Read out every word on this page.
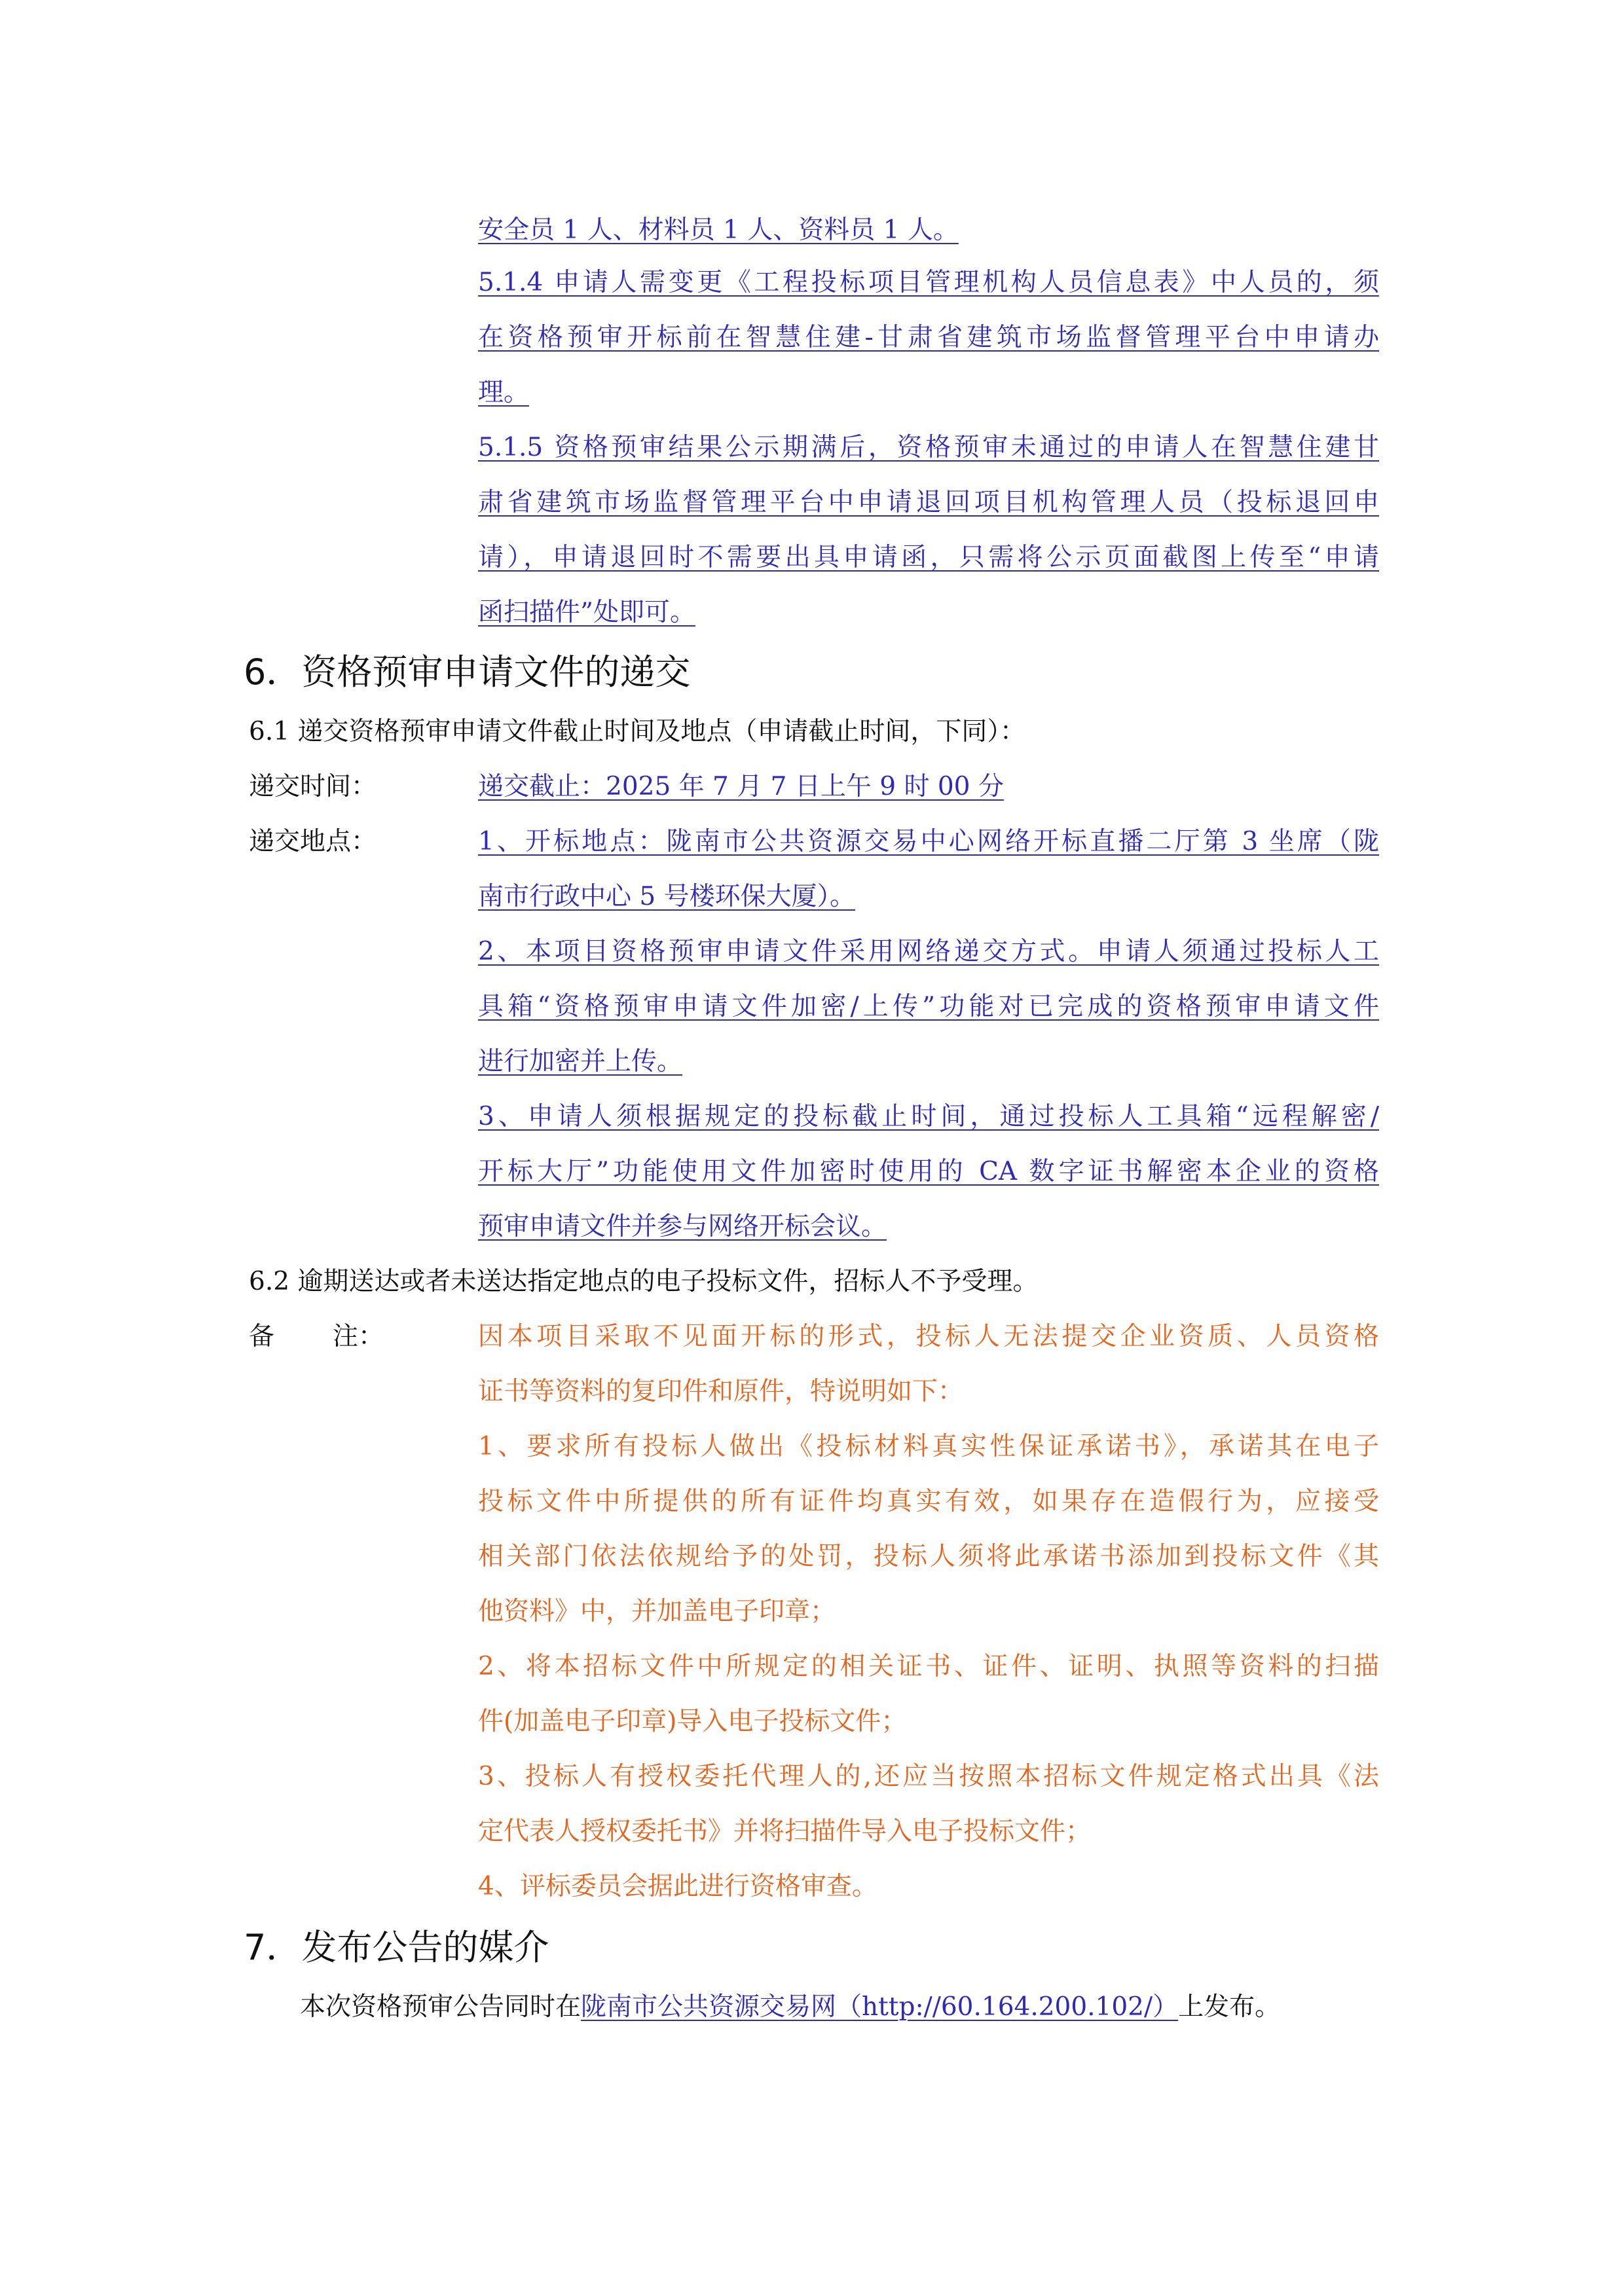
安全员 1 人、材料员 1 人、资料员 1 人。
5.1.4 申请人需变更《工程投标项目管理机构人员信息表》中人员的，须
在资格预审开标前在智慧住建-甘肃省建筑市场监督管理平台中申请办
理。
5.1.5 资格预审结果公示期满后，资格预审未通过的申请人在智慧住建甘
肃省建筑市场监督管理平台中申请退回项目机构管理人员（投标退回申
请），申请退回时不需要出具申请函，只需将公示页面截图上传至“申请
函扫描件”处即可。
6．资格预审申请文件的递交
6.1 递交资格预审申请文件截止时间及地点（申请截止时间，下同）：
递交时间：	递交截止：2025 年 7 月 7 日上午 9 时 00 分
递交地点：	1、开标地点：陇南市公共资源交易中心网络开标直播二厅第 3 坐席（陇
南市行政中心 5 号楼环保大厦）。
2、本项目资格预审申请文件采用网络递交方式。申请人须通过投标人工
具箱“资格预审申请文件加密/上传”功能对已完成的资格预审申请文件
进行加密并上传。
3、申请人须根据规定的投标截止时间，通过投标人工具箱“远程解密/
开标大厅”功能使用文件加密时使用的 CA 数字证书解密本企业的资格
预审申请文件并参与网络开标会议。
6.2 逾期送达或者未送达指定地点的电子投标文件，招标人不予受理。
备 注：	因本项目采取不见面开标的形式，投标人无法提交企业资质、人员资格
证书等资料的复印件和原件，特说明如下：
1、要求所有投标人做出《投标材料真实性保证承诺书》，承诺其在电子
投标文件中所提供的所有证件均真实有效，如果存在造假行为，应接受
相关部门依法依规给予的处罚，投标人须将此承诺书添加到投标文件《其
他资料》中，并加盖电子印章；
2、将本招标文件中所规定的相关证书、证件、证明、执照等资料的扫描
件(加盖电子印章)导入电子投标文件；
3、投标人有授权委托代理人的,还应当按照本招标文件规定格式出具《法
定代表人授权委托书》并将扫描件导入电子投标文件；
4、评标委员会据此进行资格审查。
7．发布公告的媒介
本次资格预审公告同时在陇南市公共资源交易网（http://60.164.200.102/）上发布。
